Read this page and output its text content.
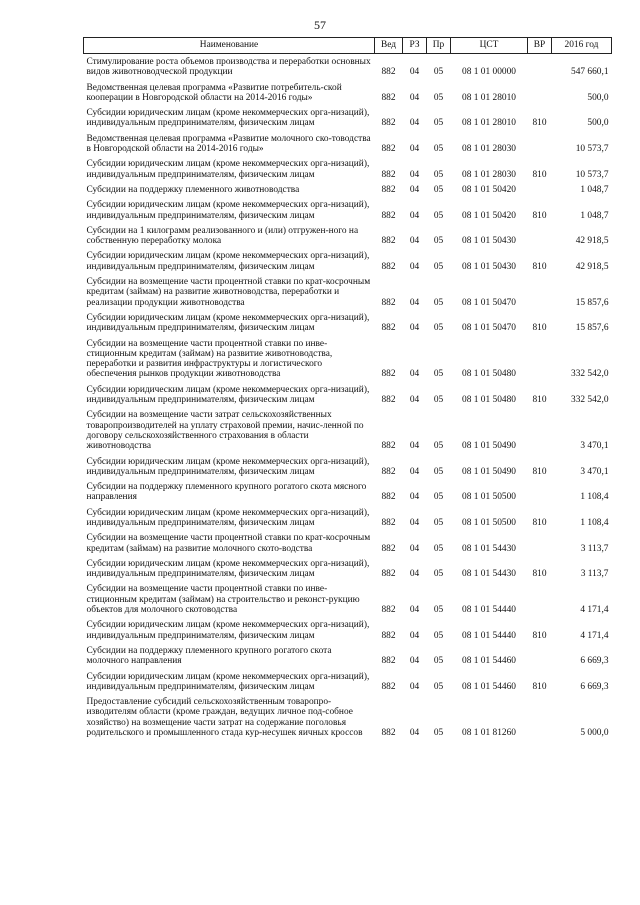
57
Наименование	Вед	РЗ	Пр	ЦСТ	ВР	2016 год
Стимулирование роста объемов производства и переработки основных видов животноводческой продукции	882	04	05	08 1 01 00000		547 660,1
Ведомственная целевая программа «Развитие потребитель-ской кооперации в Новгородской области на 2014-2016 годы»	882	04	05	08 1 01 28010		500,0
Субсидии юридическим лицам (кроме некоммерческих орга-низаций), индивидуальным предпринимателям, физическим лицам	882	04	05	08 1 01 28010	810	500,0
Ведомственная целевая программа «Развитие молочного ско-товодства в Новгородской области на 2014-2016 годы»	882	04	05	08 1 01 28030		10 573,7
Субсидии юридическим лицам (кроме некоммерческих орга-низаций), индивидуальным предпринимателям, физическим лицам	882	04	05	08 1 01 28030	810	10 573,7
Субсидии на поддержку племенного животноводства	882	04	05	08 1 01 50420		1 048,7
Субсидии юридическим лицам (кроме некоммерческих орга-низаций), индивидуальным предпринимателям, физическим лицам	882	04	05	08 1 01 50420	810	1 048,7
Субсидии на 1 килограмм реализованного и (или) отгружен-ного на собственную переработку молока	882	04	05	08 1 01 50430		42 918,5
Субсидии юридическим лицам (кроме некоммерческих орга-низаций), индивидуальным предпринимателям, физическим лицам	882	04	05	08 1 01 50430	810	42 918,5
Субсидии на возмещение части процентной ставки по крат-косрочным кредитам (займам) на развитие животноводства, переработки и реализации продукции животноводства	882	04	05	08 1 01 50470		15 857,6
Субсидии юридическим лицам (кроме некоммерческих орга-низаций), индивидуальным предпринимателям, физическим лицам	882	04	05	08 1 01 50470	810	15 857,6
Субсидии на возмещение части процентной ставки по инве-стиционным кредитам (займам) на развитие животноводства, переработки и развития инфраструктуры и логистического обеспечения рынков продукции животноводства	882	04	05	08 1 01 50480		332 542,0
Субсидии юридическим лицам (кроме некоммерческих орга-низаций), индивидуальным предпринимателям, физическим лицам	882	04	05	08 1 01 50480	810	332 542,0
Субсидии на возмещение части затрат сельскохозяйственных товаропроизводителей на уплату страховой премии, начис-ленной по договору сельскохозяйственного страхования в области животноводства	882	04	05	08 1 01 50490		3 470,1
Субсидии юридическим лицам (кроме некоммерческих орга-низаций), индивидуальным предпринимателям, физическим лицам	882	04	05	08 1 01 50490	810	3 470,1
Субсидии на поддержку племенного крупного рогатого скота мясного направления	882	04	05	08 1 01 50500		1 108,4
Субсидии юридическим лицам (кроме некоммерческих орга-низаций), индивидуальным предпринимателям, физическим лицам	882	04	05	08 1 01 50500	810	1 108,4
Субсидии на возмещение части процентной ставки по крат-косрочным кредитам (займам) на развитие молочного ското-водства	882	04	05	08 1 01 54430		3 113,7
Субсидии юридическим лицам (кроме некоммерческих орга-низаций), индивидуальным предпринимателям, физическим лицам	882	04	05	08 1 01 54430	810	3 113,7
Субсидии на возмещение части процентной ставки по инве-стиционным кредитам (займам) на строительство и реконст-рукцию объектов для молочного скотоводства	882	04	05	08 1 01 54440		4 171,4
Субсидии юридическим лицам (кроме некоммерческих орга-низаций), индивидуальным предпринимателям, физическим лицам	882	04	05	08 1 01 54440	810	4 171,4
Субсидии на поддержку племенного крупного рогатого скота молочного направления	882	04	05	08 1 01 54460		6 669,3
Субсидии юридическим лицам (кроме некоммерческих орга-низаций), индивидуальным предпринимателям, физическим лицам	882	04	05	08 1 01 54460	810	6 669,3
Предоставление субсидий сельскохозяйственным товаропро-изводителям области (кроме граждан, ведущих личное под-собное хозяйство) на возмещение части затрат на содержание поголовья родительского и промышленного стада кур-несушек яичных кроссов	882	04	05	08 1 01 81260		5 000,0
